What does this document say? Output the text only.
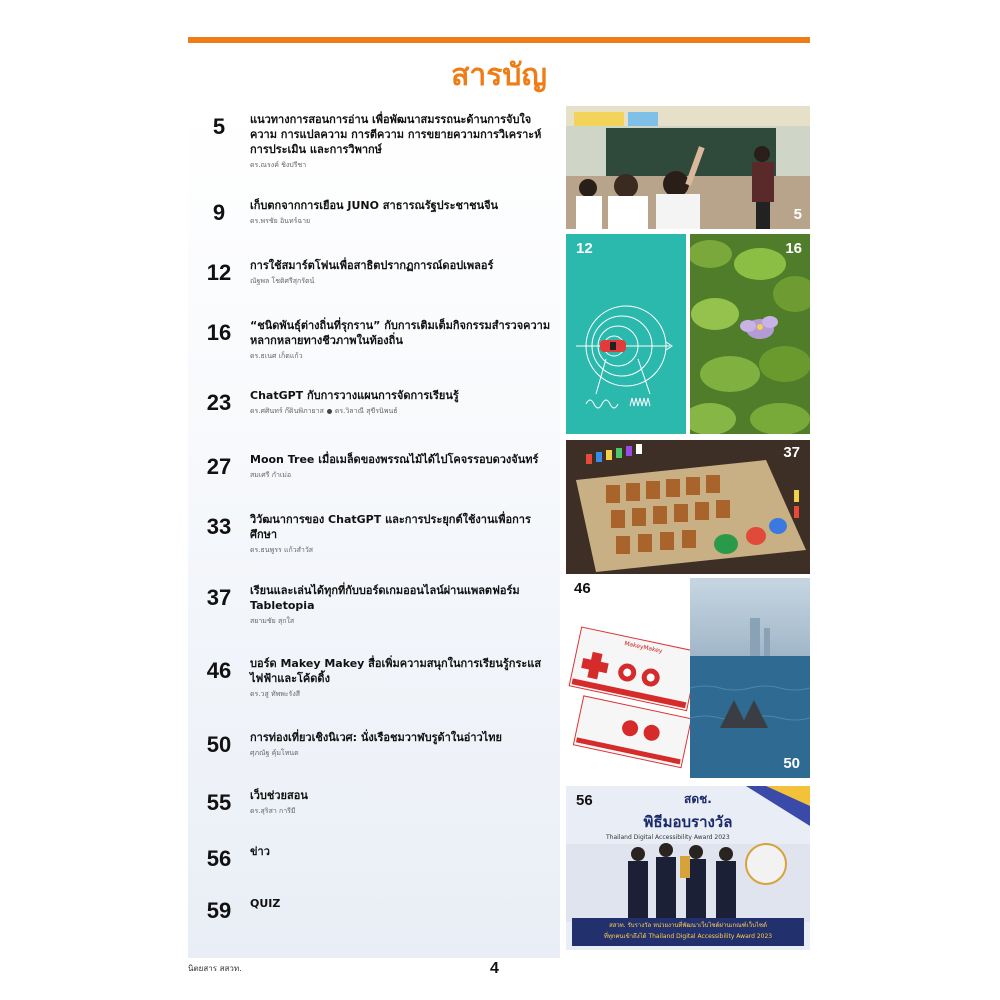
สารบัญ
5	แนวทางการสอนการอ่าน เพื่อพัฒนาสมรรถนะด้านการจับใจความ การแปลความ การตีความ การขยายความการวิเคราะห์ การประเมิน และการวิพากษ์

ดร.ณรงค์ ชิงปรีชา
9	เก็บตกจากการเยือน JUNO สาธารณรัฐประชาชนจีน

ดร.พรชัย อินทร์ฉาย
12	การใช้สมาร์ตโฟนเพื่อสาธิตปรากฏการณ์ดอปเพลอร์

ณัฐพล โชติศรีสุกรัตน์
16	“ชนิดพันธุ์ต่างถิ่นที่รุกราน” กับการเติมเต็มกิจกรรมสำรวจความหลากหลายทางชีวภาพในท้องถิ่น

ดร.ธเนศ เก็ตแก้ว
23	ChatGPT กับการวางแผนการจัดการเรียนรู้

ดร.ศศินทร์ ก๊ดินพิภายาส ดร.วิลาณี สุขีรนิพนธ์
27	Moon Tree เมื่อเมล็ดของพรรณไม้ได้ไปโคจรรอบดวงจันทร์

สมเศรี กำเม่อ
33	วิวัฒนาการของ ChatGPT และการประยุกต์ใช้งานเพื่อการศึกษา

ดร.ธนพูรร แก้วสำวัส
37	เรียนและเล่นได้ทุกที่กับบอร์ดเกมออนไลน์ผ่านแพลตฟอร์ม Tabletopia

สยามชัย สุกใส
46	บอร์ด Makey Makey สื่อเพิ่มความสนุกในการเรียนรู้กระแสไฟฟ้าและโค้ดดิ้ง

ดร.วสู ทัพพะรังสี
50	การท่องเที่ยวเชิงนิเวศ: นั่งเรือชมวาฬบรูด้าในอ่าวไทย

ศุภณัฐ คุ้มโหนด
55	เว็บช่วยสอน

ดร.สุริสา การีมี
56	ข่าว

59	QUIZ

5
12	16
37
MakeyMakey
46
50
56	สดช.
พิธีมอบรางวัล
Thailand Digital Accessibility Award 2023
สสวท. รับรางวัล หน่วยงานที่พัฒนาเว็บไซต์ผ่านเกณฑ์เว็บไซต์
ที่ทุกคนเข้าถึงได้ Thailand Digital Accessibility Award 2023
นิตยสาร สสวท.	4
